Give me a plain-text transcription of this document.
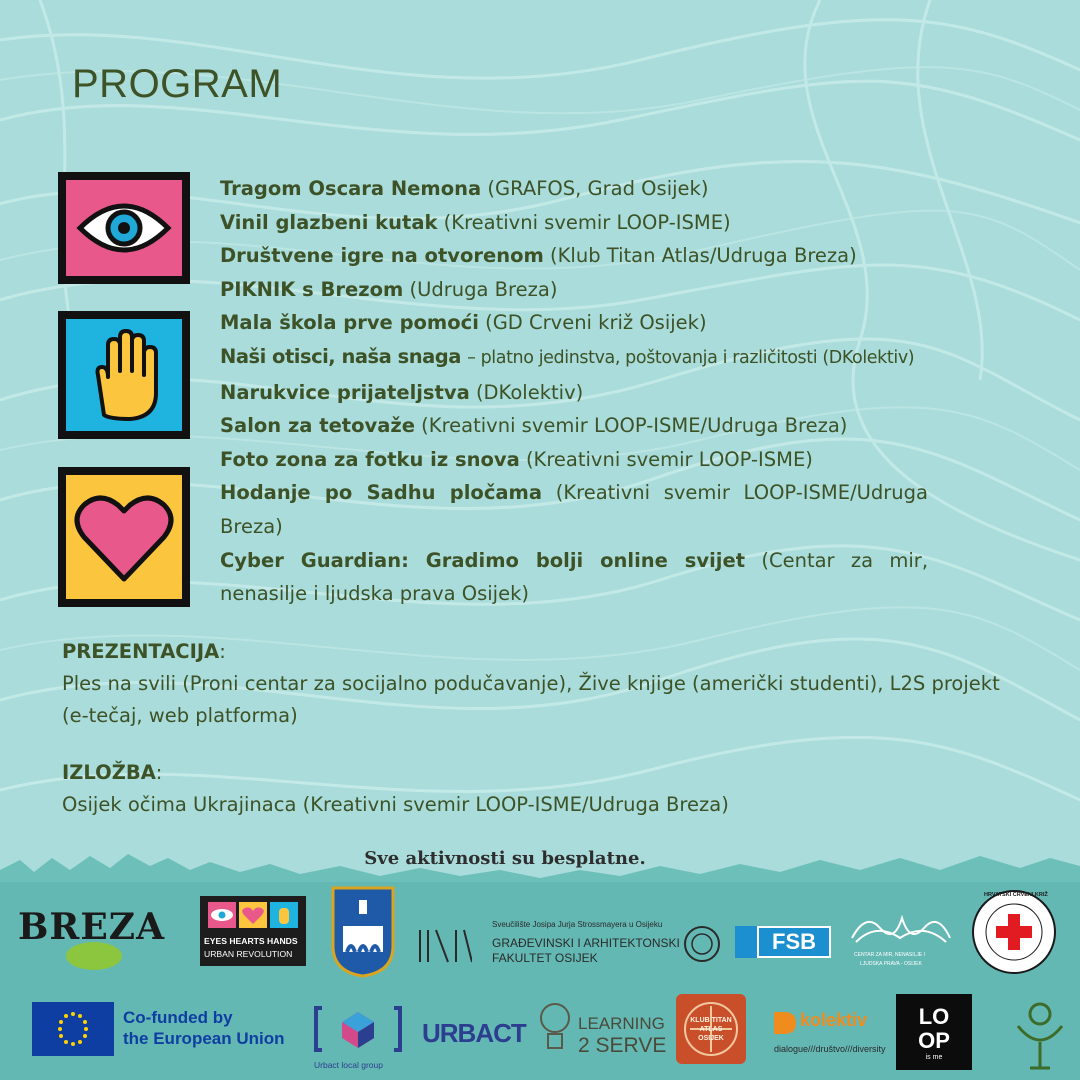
PROGRAM
Tragom Oscara Nemona (GRAFOS, Grad Osijek)
Vinil glazbeni kutak (Kreativni svemir LOOP-ISME)
Društvene igre na otvorenom (Klub Titan Atlas/Udruga Breza)
PIKNIK s Brezom (Udruga Breza)
Mala škola prve pomoći (GD Crveni križ Osijek)
Naši otisci, naša snaga – platno jedinstva, poštovanja i različitosti (DKolektiv)
Narukvice prijateljstva (DKolektiv)
Salon za tetovaže (Kreativni svemir LOOP-ISME/Udruga Breza)
Foto zona za fotku iz snova (Kreativni svemir LOOP-ISME)
Hodanje po Sadhu pločama (Kreativni svemir LOOP-ISME/Udruga Breza)
Cyber Guardian: Gradimo bolji online svijet (Centar za mir, nenasilje i ljudska prava Osijek)
PREZENTACIJA:
Ples na svili (Proni centar za socijalno podučavanje), Žive knjige (američki studenti), L2S projekt (e-tečaj, web platforma)
IZLOŽBA:
Osijek očima Ukrajinaca (Kreativni svemir LOOP-ISME/Udruga Breza)
Sve aktivnosti su besplatne.
BREZA	EYES HEARTS HANDS
URBAN REVOLUTION
Sveučilište Josipa Jurja Strossmayera u Osijeku
GRAĐEVINSKI I ARHITEKTONSKI
FAKULTET OSIJEK
FSB
CENTAR ZA MIR, NENASILJE I
LJUDSKA PRAVA - OSIJEK
HRVATSKI CRVENI KRIŽ
Co-funded by
the European Union
Urbact local group
URBACT	LEARNING
2 SERVE
KLUB TITAN ATLAS OSIJEK
kolektiv
dialogue///društvo///diversity
LO
OP
is me
